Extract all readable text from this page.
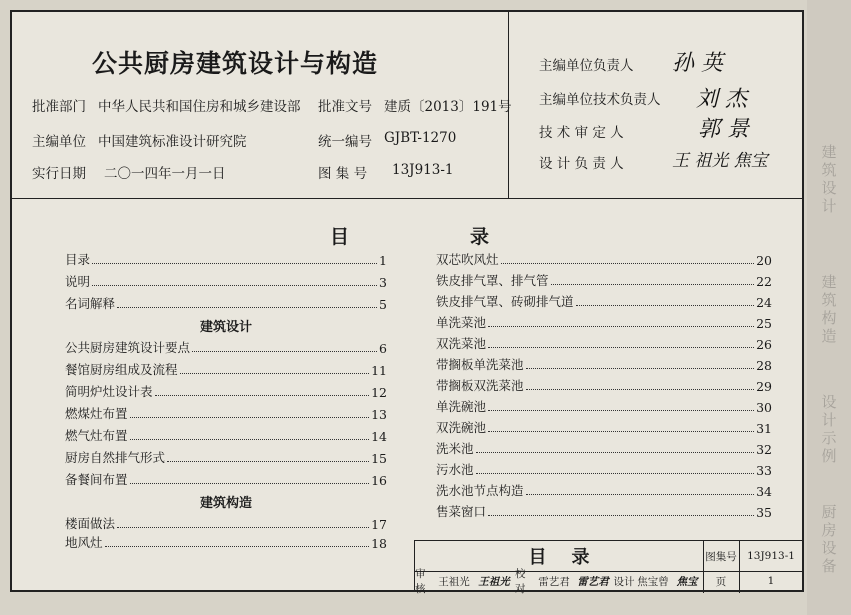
建筑设计
建筑构造
设计示例
厨房设备
公共厨房建筑设计与构造
批准部门 中华人民共和国住房和城乡建设部 批准文号 建质〔2013〕191号
主编单位 中国建筑标准设计研究院	统一编号 GJBT-1270
实行日期 二〇一四年一月一日	图 集 号 13J913-1
主编单位负责人 孙 英
主编单位技术负责人 刘 杰
技 术 审 定 人	郭 景
设 计 负 责 人	王 祖光 焦宝
目	录
目录	1
说明	3
名词解释	5
建筑设计
公共厨房建筑设计要点	6
餐馆厨房组成及流程	11
简明炉灶设计表	12
燃煤灶布置	13
燃气灶布置	14
厨房自然排气形式	15
备餐间布置	16
建筑构造
楼面做法	17
地风灶	18
双芯吹风灶	20
铁皮排气罩、排气管	22
铁皮排气罩、砖砌排气道	24
单洗菜池	25
双洗菜池	26
带搁板单洗菜池	28
带搁板双洗菜池	29
单洗碗池	30
双洗碗池	31
洗米池	32
污水池	33
洗水池节点构造	34
售菜窗口	35
目    录	图集号 13J913-1
审核
王祖光 王祖光
校对
雷艺君 雷艺君 设计 焦宝曾 焦宝	页	1
